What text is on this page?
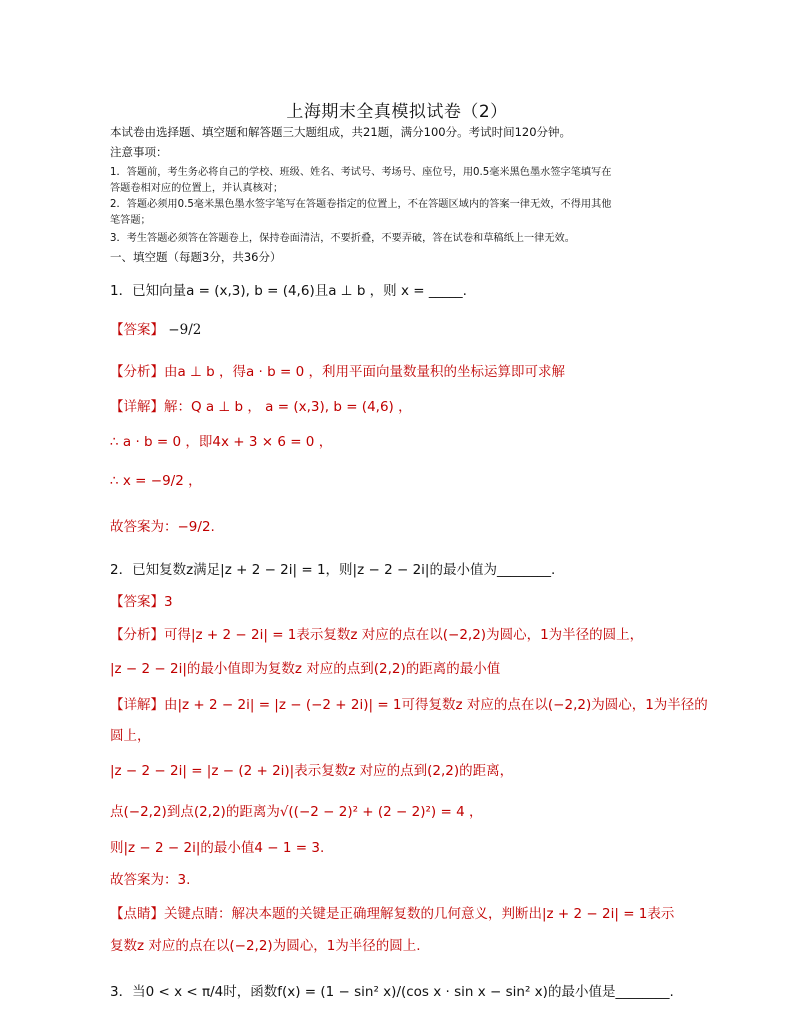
上海期末全真模拟试卷（2）
本试卷由选择题、填空题和解答题三大题组成，共21题，满分100分。考试时间120分钟。
注意事项：
1．答题前，考生务必将自己的学校、班级、姓名、考试号、考场号、座位号，用0.5毫米黑色墨水签字笔填写在
答题卷相对应的位置上，并认真核对；
2．答题必须用0.5毫米黑色墨水签字笔写在答题卷指定的位置上，不在答题区域内的答案一律无效，不得用其他
笔答题；
3．考生答题必须答在答题卷上，保持卷面清洁，不要折叠，不要弄破，答在试卷和草稿纸上一律无效。
一、填空题（每题3分，共36分）
1．已知向量a = (x,3), b = (4,6)且a ⊥ b ，则 x = _____.
【答案】 −9/2
【分析】由a ⊥ b ，得a · b = 0 ，利用平面向量数量积的坐标运算即可求解
【详解】解：Q a ⊥ b ， a = (x,3), b = (4,6) ，
∴ a · b = 0 ，即4x + 3 × 6 = 0 ，
∴ x = −9/2 ，
故答案为：−9/2.
2．已知复数z满足|z + 2 − 2i| = 1，则|z − 2 − 2i|的最小值为________.
【答案】3
【分析】可得|z + 2 − 2i| = 1表示复数z 对应的点在以(−2,2)为圆心，1为半径的圆上，
|z − 2 − 2i|的最小值即为复数z 对应的点到(2,2)的距离的最小值
【详解】由|z + 2 − 2i| = |z − (−2 + 2i)| = 1可得复数z 对应的点在以(−2,2)为圆心，1为半径的
圆上，
|z − 2 − 2i| = |z − (2 + 2i)|表示复数z 对应的点到(2,2)的距离，
点(−2,2)到点(2,2)的距离为√((−2 − 2)² + (2 − 2)²) = 4 ，
则|z − 2 − 2i|的最小值4 − 1 = 3.
故答案为：3.
【点睛】关键点睛：解决本题的关键是正确理解复数的几何意义，判断出|z + 2 − 2i| = 1表示
复数z 对应的点在以(−2,2)为圆心，1为半径的圆上.
3．当0 < x < π/4时，函数f(x) = (1 − sin² x)/(cos x · sin x − sin² x)的最小值是________.
